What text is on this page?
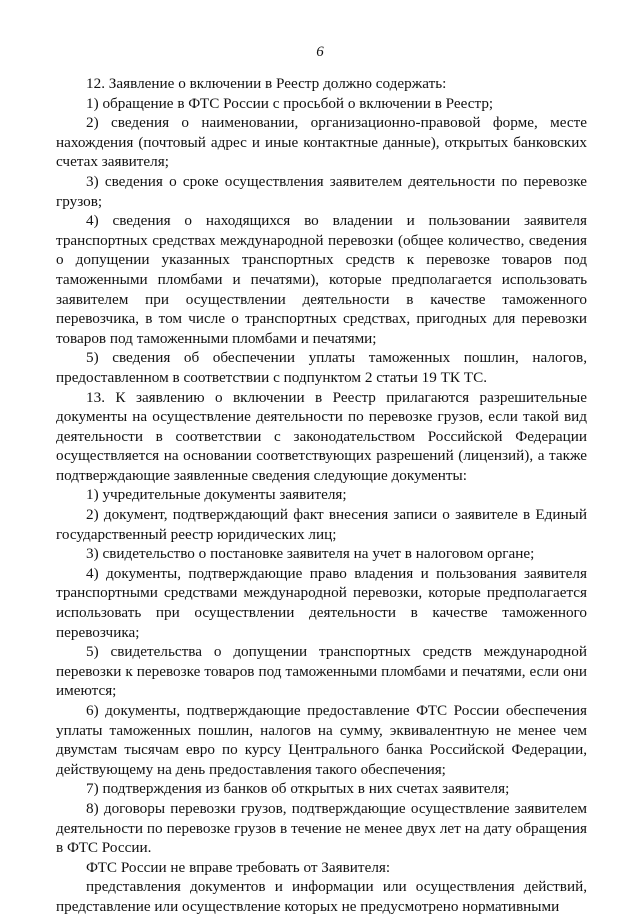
6

12. Заявление о включении в Реестр должно содержать:

1) обращение в ФТС России с просьбой о включении в Реестр;

2) сведения о наименовании, организационно-правовой форме, месте нахождения (почтовый адрес и иные контактные данные), открытых банковских счетах заявителя;

3) сведения о сроке осуществления заявителем деятельности по перевозке грузов;

4) сведения о находящихся во владении и пользовании заявителя транспортных средствах международной перевозки (общее количество, сведения о допущении указанных транспортных средств к перевозке товаров под таможенными пломбами и печатями), которые предполагается использовать заявителем при осуществлении деятельности в качестве таможенного перевозчика, в том числе о транспортных средствах, пригодных для перевозки товаров под таможенными пломбами и печатями;

5) сведения об обеспечении уплаты таможенных пошлин, налогов, предоставленном в соответствии с подпунктом 2 статьи 19 ТК ТС.

13. К заявлению о включении в Реестр прилагаются разрешительные документы на осуществление деятельности по перевозке грузов, если такой вид деятельности в соответствии с законодательством Российской Федерации осуществляется на основании соответствующих разрешений (лицензий), а также подтверждающие заявленные сведения следующие документы:

1) учредительные документы заявителя;

2) документ, подтверждающий факт внесения записи о заявителе в Единый государственный реестр юридических лиц;

3) свидетельство о постановке заявителя на учет в налоговом органе;

4) документы, подтверждающие право владения и пользования заявителя транспортными средствами международной перевозки, которые предполагается использовать при осуществлении деятельности в качестве таможенного перевозчика;

5) свидетельства о допущении транспортных средств международной перевозки к перевозке товаров под таможенными пломбами и печатями, если они имеются;

6) документы, подтверждающие предоставление ФТС России обеспечения уплаты таможенных пошлин, налогов на сумму, эквивалентную не менее чем двумстам тысячам евро по курсу Центрального банка Российской Федерации, действующему на день предоставления такого обеспечения;

7) подтверждения из банков об открытых в них счетах заявителя;

8) договоры перевозки грузов, подтверждающие осуществление заявителем деятельности по перевозке грузов в течение не менее двух лет на дату обращения в ФТС России.

ФТС России не вправе требовать от Заявителя:

представления документов и информации или осуществления действий, представление или осуществление которых не предусмотрено нормативными
